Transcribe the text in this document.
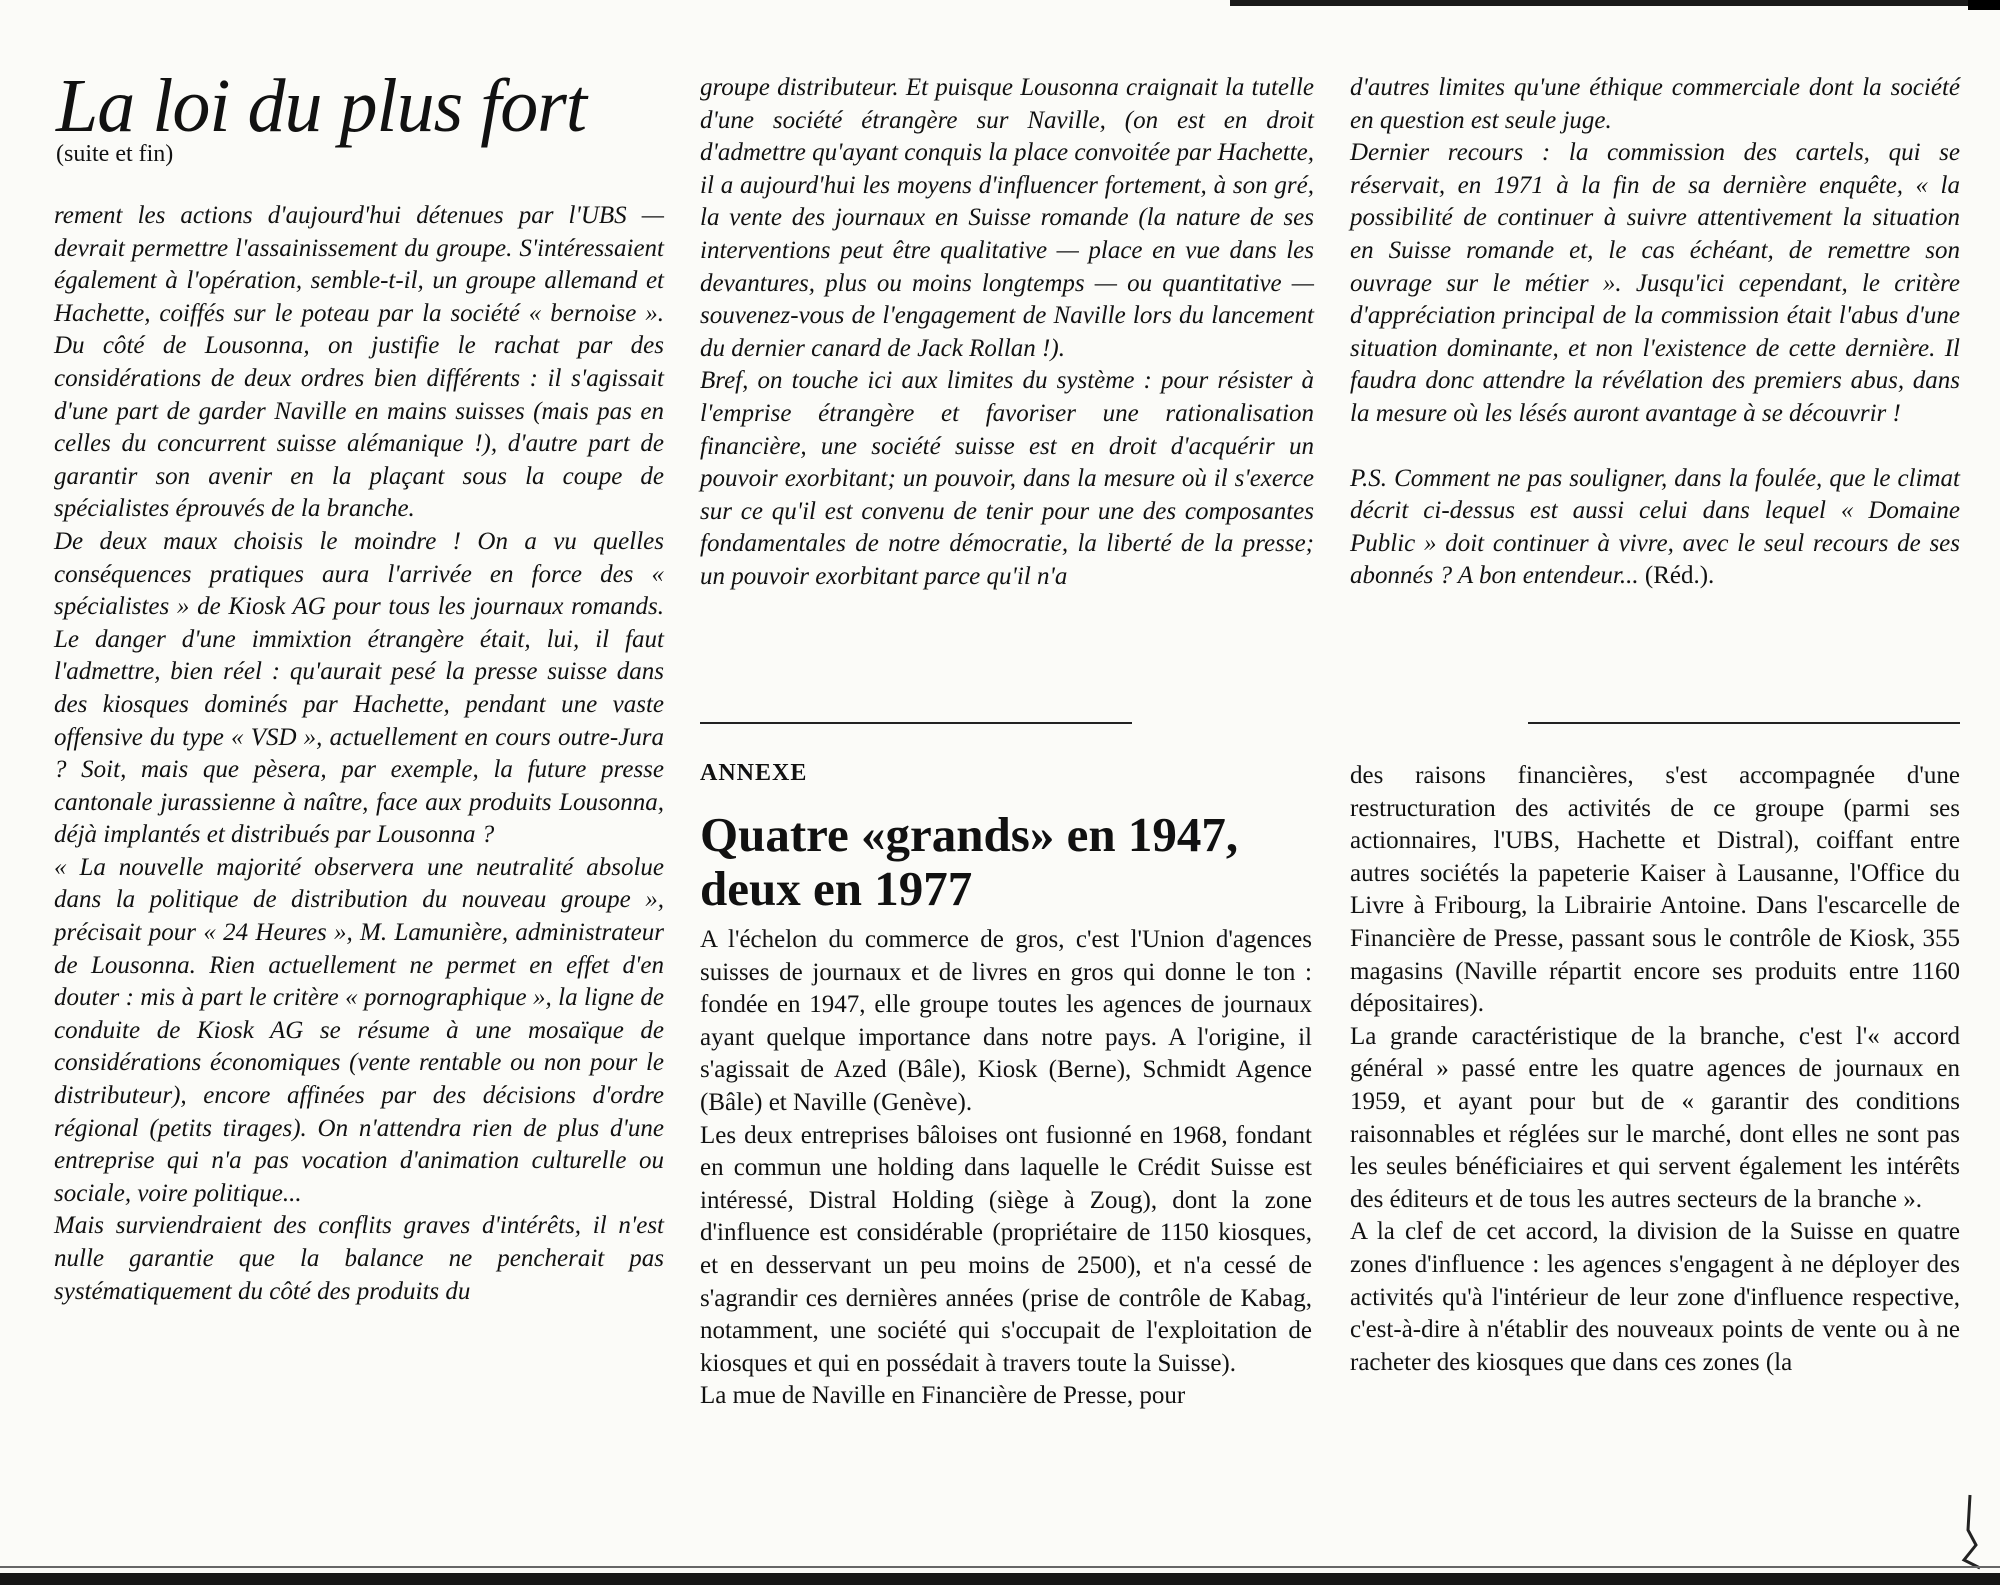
La loi du plus fort
(suite et fin)

rement les actions d'aujourd'hui détenues par l'UBS — devrait permettre l'assainissement du groupe. S'intéressaient également à l'opération, semble-t-il, un groupe allemand et Hachette, coiffés sur le poteau par la société « bernoise ». Du côté de Lousonna, on justifie le rachat par des considérations de deux ordres bien différents : il s'agissait d'une part de garder Naville en mains suisses (mais pas en celles du concurrent suisse alémanique !), d'autre part de garantir son avenir en la plaçant sous la coupe de spécialistes éprouvés de la branche.

De deux maux choisis le moindre ! On a vu quelles conséquences pratiques aura l'arrivée en force des « spécialistes » de Kiosk AG pour tous les journaux romands. Le danger d'une immixtion étrangère était, lui, il faut l'admettre, bien réel : qu'aurait pesé la presse suisse dans des kiosques dominés par Hachette, pendant une vaste offensive du type « VSD », actuellement en cours outre-Jura ? Soit, mais que pèsera, par exemple, la future presse cantonale jurassienne à naître, face aux produits Lousonna, déjà implantés et distribués par Lousonna ?

« La nouvelle majorité observera une neutralité absolue dans la politique de distribution du nouveau groupe », précisait pour « 24 Heures », M. Lamunière, administrateur de Lousonna. Rien actuellement ne permet en effet d'en douter : mis à part le critère « pornographique », la ligne de conduite de Kiosk AG se résume à une mosaïque de considérations économiques (vente rentable ou non pour le distributeur), encore affinées par des décisions d'ordre régional (petits tirages). On n'attendra rien de plus d'une entreprise qui n'a pas vocation d'animation culturelle ou sociale, voire politique...

Mais surviendraient des conflits graves d'intérêts, il n'est nulle garantie que la balance ne pencherait pas systématiquement du côté des produits du

groupe distributeur. Et puisque Lousonna craignait la tutelle d'une société étrangère sur Naville, (on est en droit d'admettre qu'ayant conquis la place convoitée par Hachette, il a aujourd'hui les moyens d'influencer fortement, à son gré, la vente des journaux en Suisse romande (la nature de ses interventions peut être qualitative — place en vue dans les devantures, plus ou moins longtemps — ou quantitative — souvenez-vous de l'engagement de Naville lors du lancement du dernier canard de Jack Rollan !).

Bref, on touche ici aux limites du système : pour résister à l'emprise étrangère et favoriser une rationalisation financière, une société suisse est en droit d'acquérir un pouvoir exorbitant; un pouvoir, dans la mesure où il s'exerce sur ce qu'il est convenu de tenir pour une des composantes fondamentales de notre démocratie, la liberté de la presse; un pouvoir exorbitant parce qu'il n'a

d'autres limites qu'une éthique commerciale dont la société en question est seule juge.

Dernier recours : la commission des cartels, qui se réservait, en 1971 à la fin de sa dernière enquête, « la possibilité de continuer à suivre attentivement la situation en Suisse romande et, le cas échéant, de remettre son ouvrage sur le métier ». Jusqu'ici cependant, le critère d'appréciation principal de la commission était l'abus d'une situation dominante, et non l'existence de cette dernière. Il faudra donc attendre la révélation des premiers abus, dans la mesure où les lésés auront avantage à se découvrir !

P.S. Comment ne pas souligner, dans la foulée, que le climat décrit ci-dessus est aussi celui dans lequel « Domaine Public » doit continuer à vivre, avec le seul recours de ses abonnés ? A bon entendeur... (Réd.).

ANNEXE
Quatre «grands» en 1947, deux en 1977

A l'échelon du commerce de gros, c'est l'Union d'agences suisses de journaux et de livres en gros qui donne le ton : fondée en 1947, elle groupe toutes les agences de journaux ayant quelque importance dans notre pays. A l'origine, il s'agissait de Azed (Bâle), Kiosk (Berne), Schmidt Agence (Bâle) et Naville (Genève).

Les deux entreprises bâloises ont fusionné en 1968, fondant en commun une holding dans laquelle le Crédit Suisse est intéressé, Distral Holding (siège à Zoug), dont la zone d'influence est considérable (propriétaire de 1150 kiosques, et en desservant un peu moins de 2500), et n'a cessé de s'agrandir ces dernières années (prise de contrôle de Kabag, notamment, une société qui s'occupait de l'exploitation de kiosques et qui en possédait à travers toute la Suisse).

La mue de Naville en Financière de Presse, pour

des raisons financières, s'est accompagnée d'une restructuration des activités de ce groupe (parmi ses actionnaires, l'UBS, Hachette et Distral), coiffant entre autres sociétés la papeterie Kaiser à Lausanne, l'Office du Livre à Fribourg, la Librairie Antoine. Dans l'escarcelle de Financière de Presse, passant sous le contrôle de Kiosk, 355 magasins (Naville répartit encore ses produits entre 1160 dépositaires).

La grande caractéristique de la branche, c'est l'« accord général » passé entre les quatre agences de journaux en 1959, et ayant pour but de « garantir des conditions raisonnables et réglées sur le marché, dont elles ne sont pas les seules bénéficiaires et qui servent également les intérêts des éditeurs et de tous les autres secteurs de la branche ».

A la clef de cet accord, la division de la Suisse en quatre zones d'influence : les agences s'engagent à ne déployer des activités qu'à l'intérieur de leur zone d'influence respective, c'est-à-dire à n'établir des nouveaux points de vente ou à ne racheter des kiosques que dans ces zones (la
